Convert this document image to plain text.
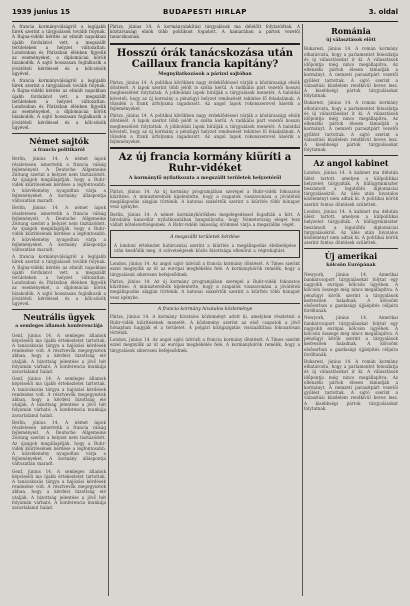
1939 junius 15	BUDAPESTI HIRLAP	3. oldal

A francia kormányválságról a legújabb hírek szerint a tárgyalások tovább folynak. A Rajna-vidéki kérdés az elmúlt napokban újabb fordulatot vett, a megszállt területeken a helyzet változatlan. Londonban és Párizsban élénken figyelik az eseményeket, a diplomáciai körök bizakodók. A sajtó hosszasan foglalkozik a jóvátételi kérdéssel és a kölcsönök ügyével.

A francia kormányválságról a legújabb hírek szerint a tárgyalások tovább folynak. A Rajna-vidéki kérdés az elmúlt napokban újabb fordulatot vett, a megszállt területeken a helyzet változatlan. Londonban és Párizsban élénken figyelik az eseményeket, a diplomáciai körök bizakodók. A sajtó hosszasan foglalkozik a jóvátételi kérdéssel és a kölcsönök ügyével.

Német sajtók
a francia politikáról

Berlin, június 14. A német lapok részletesen ismertetik a francia válság fejleményeit. A Deutsche Allgemeine Zeitung szerint a helyzet nem tisztázódott. Az újságok megállapítják, hogy a Ruhr-vidék kiürítésének kérdése a legfontosabb. A közvélemény nyugodtan várja a fejleményeket. A kormány álláspontja változatlan maradt.

Berlin, június 14. A német lapok részletesen ismertetik a francia válság fejleményeit. A Deutsche Allgemeine Zeitung szerint a helyzet nem tisztázódott. Az újságok megállapítják, hogy a Ruhr-vidék kiürítésének kérdése a legfontosabb. A közvélemény nyugodtan várja a fejleményeket. A kormány álláspontja változatlan maradt.

A francia kormányválságról a legújabb hírek szerint a tárgyalások tovább folynak. A Rajna-vidéki kérdés az elmúlt napokban újabb fordulatot vett, a megszállt területeken a helyzet változatlan. Londonban és Párizsban élénken figyelik az eseményeket, a diplomáciai körök bizakodók. A sajtó hosszasan foglalkozik a jóvátételi kérdéssel és a kölcsönök ügyével.

Neutrális ügyek
a semleges államok konferenciája

Genf, június 14. A semleges államok képviselői ma újabb értekezletet tartottak. A tanácskozás tárgya a hajózási kérdések rendezése volt. A résztvevők megegyeztek abban, hogy a kérdést bizottság elé utalják. A bizottság jelentése a jövő hét folyamán várható. A konferencia munkája zavartalanul halad.

Genf, június 14. A semleges államok képviselői ma újabb értekezletet tartottak. A tanácskozás tárgya a hajózási kérdések rendezése volt. A résztvevők megegyeztek abban, hogy a kérdést bizottság elé utalják. A bizottság jelentése a jövő hét folyamán várható. A konferencia munkája zavartalanul halad.

Berlin, június 14. A német lapok részletesen ismertetik a francia válság fejleményeit. A Deutsche Allgemeine Zeitung szerint a helyzet nem tisztázódott. Az újságok megállapítják, hogy a Ruhr-vidék kiürítésének kérdése a legfontosabb. A közvélemény nyugodtan várja a fejleményeket. A kormány álláspontja változatlan maradt.

Genf, június 14. A semleges államok képviselői ma újabb értekezletet tartottak. A tanácskozás tárgya a hajózási kérdések rendezése volt. A résztvevők megegyeztek abban, hogy a kérdést bizottság elé utalják. A bizottság jelentése a jövő hét folyamán várható. A konferencia munkája zavartalanul halad.

Párizs, június 14. A kormányalakítási tárgyalások ma délelőtt folytatódtak. A köztársasági elnök több politikust fogadott. A kamarában a pártok vezetői tanácskoznak.

Hosszú órák tanácskozása után Caillaux francia kapitány?
Megnyilatkozások a párizsi sajtóban

Párizs, június 14. A politikai körökben nagy érdeklődéssel várják a köztársasági elnök döntését. A lapok szerint több jelölt is szóba kerül. A radikális párt vezetői hosszú megbeszélést folytattak. A jobboldali lapok bírálják a tárgyalások menetét. A baloldal követeli, hogy az új kormány a pénzügyi helyzet rendezését tekintse fő feladatának. A tőzsdén a frank árfolyama ingadozott. Az angol lapok rokonszenvvel kísérik a fejleményeket.

Párizs, június 14. A politikai körökben nagy érdeklődéssel várják a köztársasági elnök döntését. A lapok szerint több jelölt is szóba kerül. A radikális párt vezetői hosszú megbeszélést folytattak. A jobboldali lapok bírálják a tárgyalások menetét. A baloldal követeli, hogy az új kormány a pénzügyi helyzet rendezését tekintse fő feladatának. A tőzsdén a frank árfolyama ingadozott. Az angol lapok rokonszenvvel kísérik a fejleményeket.

Az új francia kormány kiüríti a Ruhr-vidéket
A kormányfő nyilatkozata a megszállt területek helyzetéről

Párizs, június 14. Az új kormány programjában szerepel a Ruhr-vidék fokozatos kiürítése. A miniszterelnök kijelentette, hogy a csapatok visszavonása a jóvátételi megállapodás alapján történik. A katonai szakértők szerint a kiürítés több hónapot vesz igénybe.

Berlin, június 14. A német kormánykörökben megelégedéssel fogadták a hírt. A birodalmi kancellár nyilatkozatában hangsúlyozta, hogy Németország eleget tesz vállalt kötelezettségeinek. A Ruhr-vidéki lakosság örömmel várja a megszállás végét.

A megszállt területek kérdése

A londoni értekezlet határozatai szerint a kiürítés a megállapodás életbelépése után kezdődik meg. A szövetségesek közös bizottsága ellenőrzi a végrehajtást.

London, június 14. Az angol sajtó üdvözli a francia kormány döntését. A Times szerint ezzel megnyílik az út az európai megbékélés felé. A kormánykörök remélik, hogy a tárgyalások sikeresen befejeződnek.

Párizs, június 14. Az új kormány programjában szerepel a Ruhr-vidék fokozatos kiürítése. A miniszterelnök kijelentette, hogy a csapatok visszavonása a jóvátételi megállapodás alapján történik. A katonai szakértők szerint a kiürítés több hónapot vesz igénybe.

A francia kormány hivatalos közleménye

Párizs, június 14. A kormány hivatalos közleményt adott ki, amelyben részletezi a Ruhr-vidék kiürítésének menetét. A közlemény szerint az első csapatok a jövő hónapban hagyják el a területet. A polgári közigazgatás visszaállítása fokozatosan történik.

London, június 14. Az angol sajtó üdvözli a francia kormány döntését. A Times szerint ezzel megnyílik az út az európai megbékélés felé. A kormánykörök remélik, hogy a tárgyalások sikeresen befejeződnek.

Románia
új választások előtt

Bukarest, június 14. A román kormány elhatározta, hogy a parlamentet feloszlatja és új választásokat ír ki. A választások időpontja még nincs megállapítva. Az ellenzéki pártok élesen támadják a kormányt. A nemzeti parasztpárt vezetői gyűlést tartottak. A sajtó szerint a választási küzdelem rendkívül heves lesz. A kisebbségi pártok tárgyalásokat folytatnak.

Bukarest, június 14. A román kormány elhatározta, hogy a parlamentet feloszlatja és új választásokat ír ki. A választások időpontja még nincs megállapítva. Az ellenzéki pártok élesen támadják a kormányt. A nemzeti parasztpárt vezetői gyűlést tartottak. A sajtó szerint a választási küzdelem rendkívül heves lesz. A kisebbségi pártok tárgyalásokat folytatnak.

Az angol kabinet

London, június 14. A kabinet ma délután ülést tartott, amelyen a külpolitikai helyzetet tárgyalták. A külügyminiszter beszámolt a legutóbbi diplomáciai tárgyalásokról. Az ülés után hivatalos közleményt nem adtak ki. A politikai körök szerint fontos döntések születtek.

London, június 14. A kabinet ma délután ülést tartott, amelyen a külpolitikai helyzetet tárgyalták. A külügyminiszter beszámolt a legutóbbi diplomáciai tárgyalásokról. Az ülés után hivatalos közleményt nem adtak ki. A politikai körök szerint fontos döntések születtek.

Új amerikai
kölcsön Európának

Newyork, június 14. Amerikai bankárcsoport tárgyalásokat folytat egy nagyobb európai kölcsön ügyében. A kölcsön összege még nincs megállapítva. A pénzügyi körök szerint a tárgyalások kedvezően haladnak. A kölcsönt elsősorban a gazdasági újjáépítés céljaira fordítanák.

Newyork, június 14. Amerikai bankárcsoport tárgyalásokat folytat egy nagyobb európai kölcsön ügyében. A kölcsön összege még nincs megállapítva. A pénzügyi körök szerint a tárgyalások kedvezően haladnak. A kölcsönt elsősorban a gazdasági újjáépítés céljaira fordítanák.

Bukarest, június 14. A román kormány elhatározta, hogy a parlamentet feloszlatja és új választásokat ír ki. A választások időpontja még nincs megállapítva. Az ellenzéki pártok élesen támadják a kormányt. A nemzeti parasztpárt vezetői gyűlést tartottak. A sajtó szerint a választási küzdelem rendkívül heves lesz. A kisebbségi pártok tárgyalásokat folytatnak.
